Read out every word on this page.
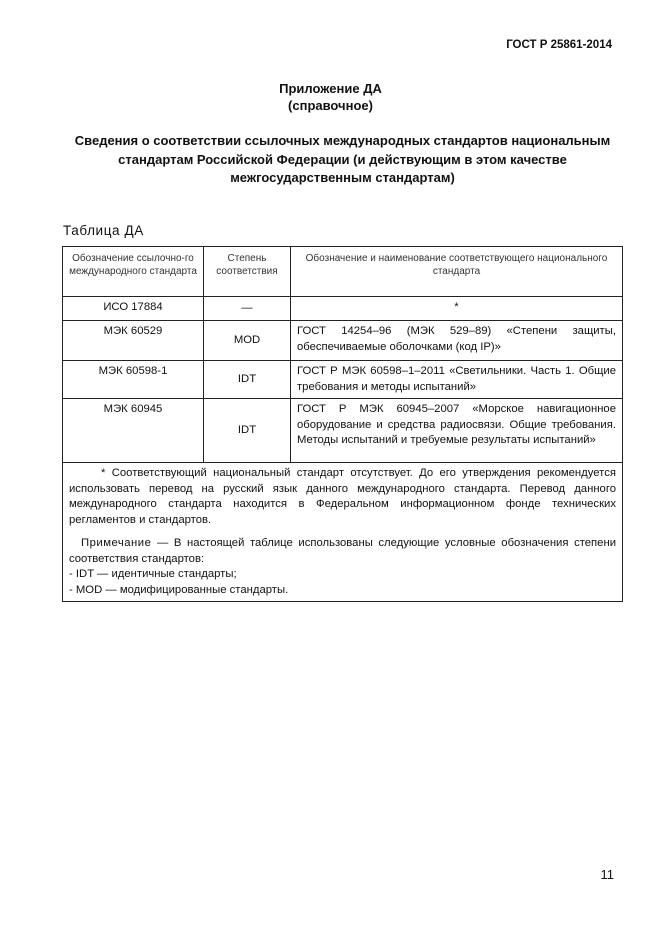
ГОСТ Р 25861-2014
Приложение ДА
(справочное)
Сведения о соответствии ссылочных международных стандартов национальным
стандартам Российской Федерации (и действующим в этом качестве
межгосударственным стандартам)
Таблица ДА
Обозначение ссылочно-го международного стандарта	Степень соответствия	Обозначение и наименование соответствующего национального стандарта
ИСО 17884	—	*
МЭК 60529	MOD	ГОСТ 14254–96 (МЭК 529–89) «Степени защиты, обеспечиваемые оболочками (код IP)»
МЭК 60598-1	IDT	ГОСТ Р МЭК 60598–1–2011 «Светильники. Часть 1. Общие требования и методы испытаний»
МЭК 60945	IDT	ГОСТ Р МЭК 60945–2007 «Морское навигационное оборудование и средства радиосвязи. Общие требования. Методы испытаний и требуемые результаты испытаний»

* Соответствующий национальный стандарт отсутствует. До его утверждения рекомендуется использовать перевод на русский язык данного международного стандарта. Перевод данного международного стандарта находится в Федеральном информационном фонде технических регламентов и стандартов.

Примечание — В настоящей таблице использованы следующие условные обозначения степени соответствия стандартов:

- IDT — идентичные стандарты;

- MOD — модифицированные стандарты.		

11
